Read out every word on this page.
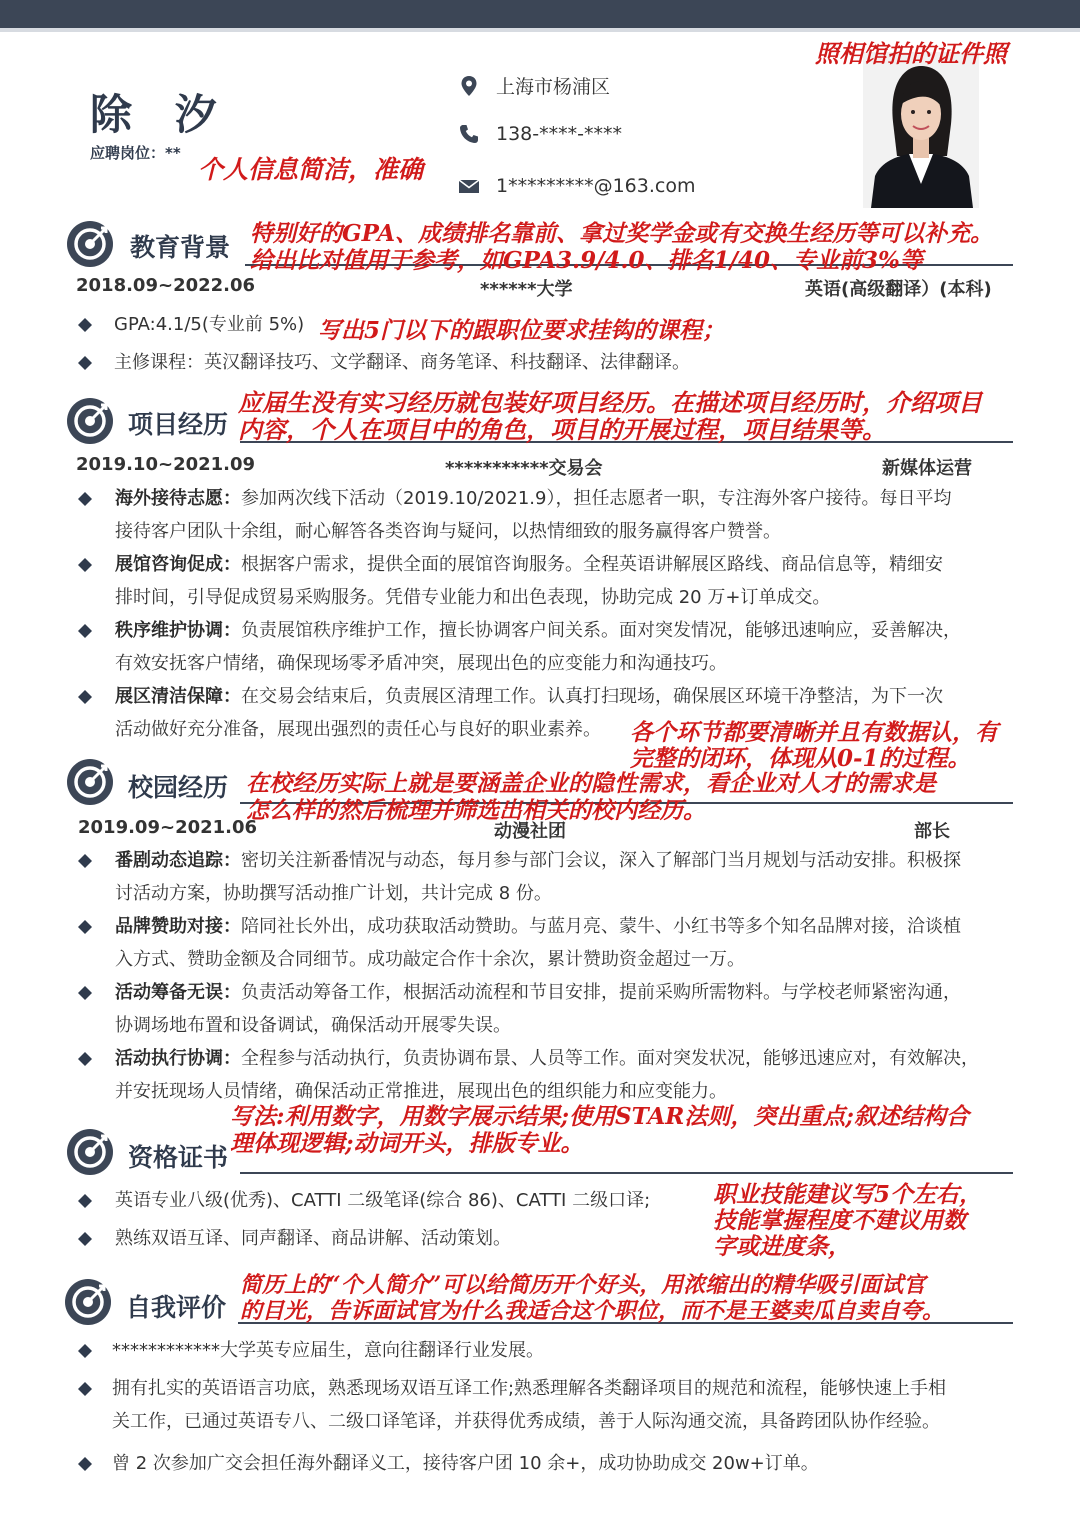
除 汐
应聘岗位：**
个人信息简洁，准确
上海市杨浦区
138-****-****
1*********@163.com
照相馆拍的证件照
教育背景 特别好的GPA、成绩排名靠前、拿过奖学金或有交换生经历等可以补充。
给出比对值用于参考，如GPA3.9/4.0、排名1/40、专业前3%等
2018.09~2022.06	******大学	英语(高级翻译）(本科)
GPA:4.1/5(专业前 5%) 写出5门以下的跟职位要求挂钩的课程；
主修课程：英汉翻译技巧、文学翻译、商务笔译、科技翻译、法律翻译。
项目经历
应届生没有实习经历就包装好项目经历。在描述项目经历时，介绍项目
内容，个人在项目中的角色，项目的开展过程，项目结果等。
2019.10~2021.09	***********交易会	新媒体运营
海外接待志愿：参加两次线下活动（2019.10/2021.9），担任志愿者一职，专注海外客户接待。每日平均
接待客户团队十余组，耐心解答各类咨询与疑问，以热情细致的服务赢得客户赞誉。
展馆咨询促成：根据客户需求，提供全面的展馆咨询服务。全程英语讲解展区路线、商品信息等，精细安
排时间，引导促成贸易采购服务。凭借专业能力和出色表现，协助完成 20 万+订单成交。
秩序维护协调：负责展馆秩序维护工作，擅长协调客户间关系。面对突发情况，能够迅速响应，妥善解决，
有效安抚客户情绪，确保现场零矛盾冲突，展现出色的应变能力和沟通技巧。
展区清洁保障：在交易会结束后，负责展区清理工作。认真打扫现场，确保展区环境干净整洁，为下一次
活动做好充分准备，展现出强烈的责任心与良好的职业素养。	各个环节都要清晰并且有数据认，有
完整的闭环，体现从0-1的过程。
校园经历 在校经历实际上就是要涵盖企业的隐性需求，看企业对人才的需求是
怎么样的然后梳理并筛选出相关的校内经历。
2019.09~2021.06	动漫社团	部长
番剧动态追踪：密切关注新番情况与动态，每月参与部门会议，深入了解部门当月规划与活动安排。积极探
讨活动方案，协助撰写活动推广计划，共计完成 8 份。
品牌赞助对接：陪同社长外出，成功获取活动赞助。与蓝月亮、蒙牛、小红书等多个知名品牌对接，洽谈植
入方式、赞助金额及合同细节。成功敲定合作十余次，累计赞助资金超过一万。
活动筹备无误：负责活动筹备工作，根据活动流程和节目安排，提前采购所需物料。与学校老师紧密沟通，
协调场地布置和设备调试，确保活动开展零失误。
活动执行协调：全程参与活动执行，负责协调布景、人员等工作。面对突发状况，能够迅速应对，有效解决，
并安抚现场人员情绪，确保活动正常推进，展现出色的组织能力和应变能力。
写法:利用数字，用数字展示结果;使用STAR法则，突出重点;叙述结构合
理体现逻辑;动词开头，排版专业。
资格证书
英语专业八级(优秀)、CATTI 二级笔译(综合 86)、CATTI 二级口译;
熟练双语互译、同声翻译、商品讲解、活动策划。
职业技能建议写5个左右，
技能掌握程度不建议用数
字或进度条，
自我评价
简历上的“个人简介”可以给简历开个好头，用浓缩出的精华吸引面试官
的目光，告诉面试官为什么我适合这个职位，而不是王婆卖瓜自卖自夸。
************大学英专应届生，意向往翻译行业发展。
拥有扎实的英语语言功底，熟悉现场双语互译工作;熟悉理解各类翻译项目的规范和流程，能够快速上手相
关工作，已通过英语专八、二级口译笔译，并获得优秀成绩，善于人际沟通交流，具备跨团队协作经验。
曾 2 次参加广交会担任海外翻译义工，接待客户团 10 余+，成功协助成交 20w+订单。
